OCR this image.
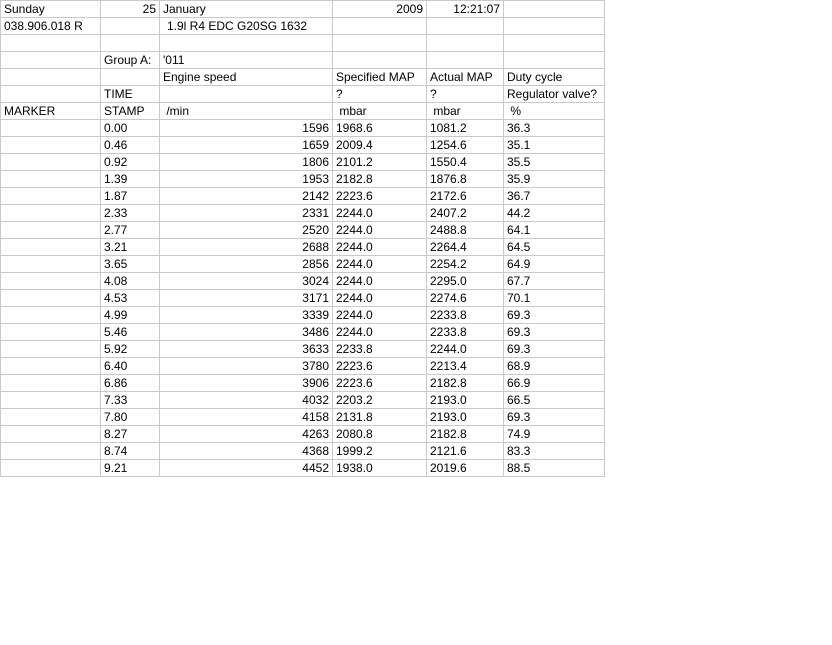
Sunday	25	January	2009	12:21:07	
038.906.018 R		1.9l R4 EDC G20SG 1632			

	Group A:	'011			
		Engine speed	Specified MAP	Actual MAP	Duty cycle
	TIME		?	?	Regulator valve?
MARKER	STAMP	/min	mbar	mbar	%
	0.00	1596	1968.6	1081.2	36.3
	0.46	1659	2009.4	1254.6	35.1
	0.92	1806	2101.2	1550.4	35.5
	1.39	1953	2182.8	1876.8	35.9
	1.87	2142	2223.6	2172.6	36.7
	2.33	2331	2244.0	2407.2	44.2
	2.77	2520	2244.0	2488.8	64.1
	3.21	2688	2244.0	2264.4	64.5
	3.65	2856	2244.0	2254.2	64.9
	4.08	3024	2244.0	2295.0	67.7
	4.53	3171	2244.0	2274.6	70.1
	4.99	3339	2244.0	2233.8	69.3
	5.46	3486	2244.0	2233.8	69.3
	5.92	3633	2233.8	2244.0	69.3
	6.40	3780	2223.6	2213.4	68.9
	6.86	3906	2223.6	2182.8	66.9
	7.33	4032	2203.2	2193.0	66.5
	7.80	4158	2131.8	2193.0	69.3
	8.27	4263	2080.8	2182.8	74.9
	8.74	4368	1999.2	2121.6	83.3
	9.21	4452	1938.0	2019.6	88.5
